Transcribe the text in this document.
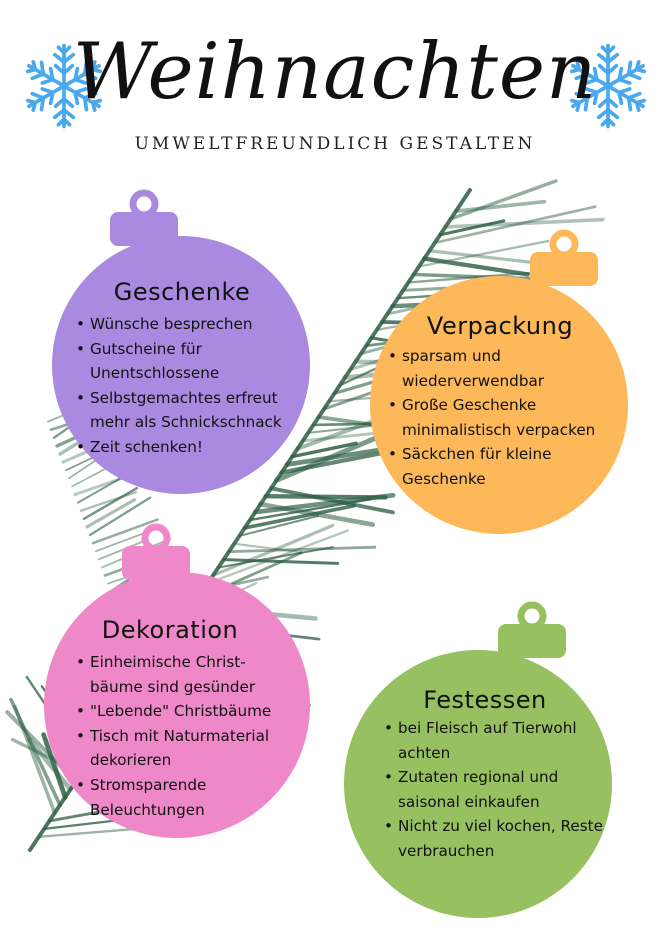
Weihnachten
UMWELTFREUNDLICH GESTALTEN
Geschenke
• Wünsche besprechen
• Gutscheine für Unentschlossene
• Selbstgemachtes erfreut mehr als Schnickschnack
• Zeit schenken!
Verpackung
• sparsam und wiederverwendbar
• Große Geschenke minimalistisch verpacken
• Säckchen für kleine Geschenke
Dekoration
• Einheimische Christ-bäume sind gesünder
• "Lebende" Christbäume
• Tisch mit Naturmaterial dekorieren
• Stromsparende Beleuchtungen
Festessen
• bei Fleisch auf Tierwohl achten
• Zutaten regional und saisonal einkaufen
• Nicht zu viel kochen, Reste verbrauchen
